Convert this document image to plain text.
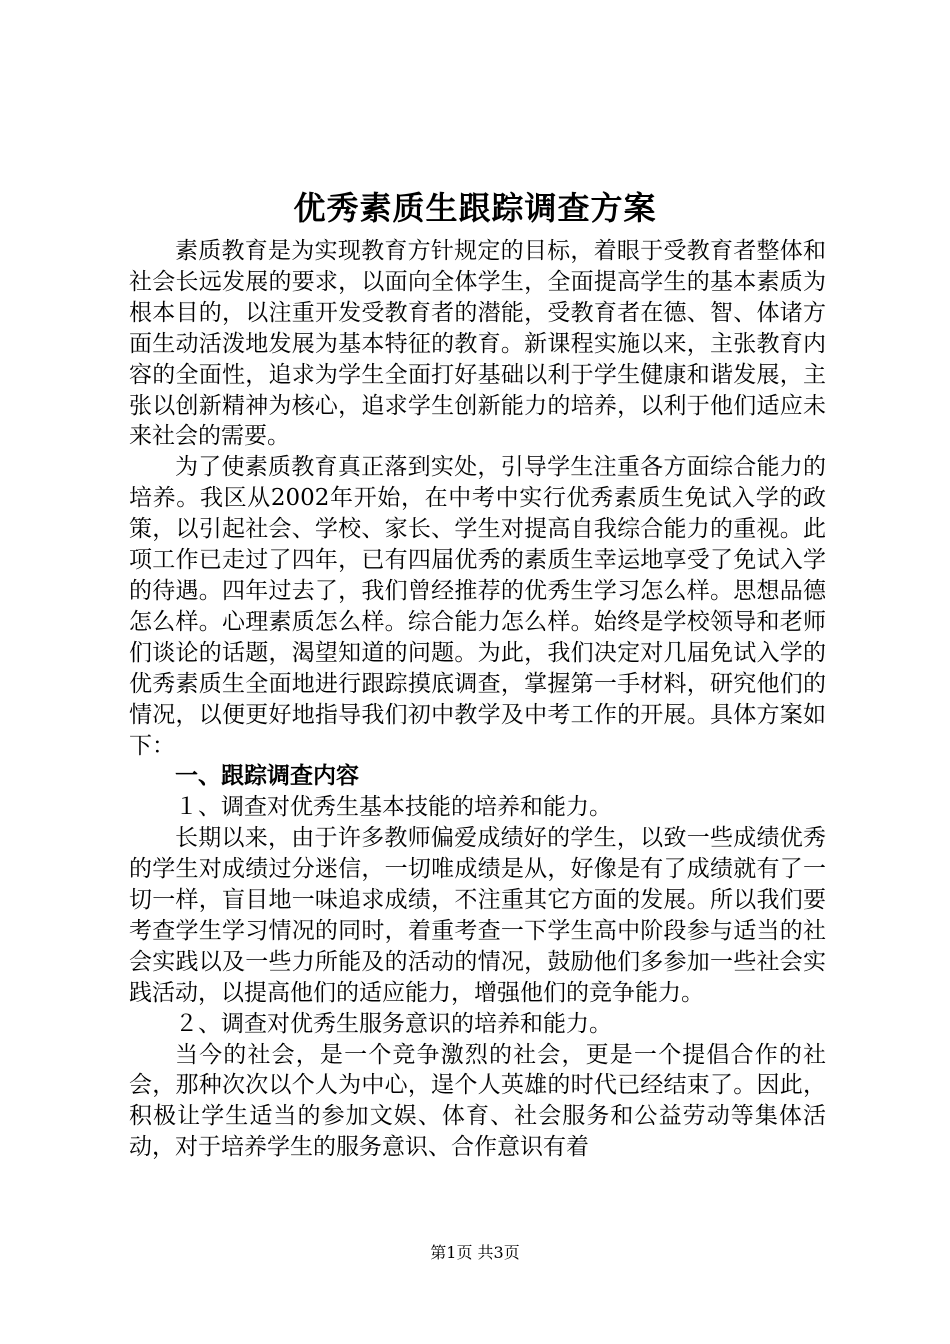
优秀素质生跟踪调查方案

素质教育是为实现教育方针规定的目标，着眼于受教育者整体和社会长远发展的要求，以面向全体学生，全面提高学生的基本素质为根本目的，以注重开发受教育者的潜能，受教育者在德、智、体诸方面生动活泼地发展为基本特征的教育。新课程实施以来，主张教育内容的全面性，追求为学生全面打好基础以利于学生健康和谐发展，主张以创新精神为核心，追求学生创新能力的培养，以利于他们适应未来社会的需要。

为了使素质教育真正落到实处，引导学生注重各方面综合能力的培养。我区从2002年开始，在中考中实行优秀素质生免试入学的政策，以引起社会、学校、家长、学生对提高自我综合能力的重视。此项工作已走过了四年，已有四届优秀的素质生幸运地享受了免试入学的待遇。四年过去了，我们曾经推荐的优秀生学习怎么样。思想品德怎么样。心理素质怎么样。综合能力怎么样。始终是学校领导和老师们谈论的话题，渴望知道的问题。为此，我们决定对几届免试入学的优秀素质生全面地进行跟踪摸底调查，掌握第一手材料，研究他们的情况，以便更好地指导我们初中教学及中考工作的开展。具体方案如下：

一、跟踪调查内容

１、调查对优秀生基本技能的培养和能力。

长期以来，由于许多教师偏爱成绩好的学生，以致一些成绩优秀的学生对成绩过分迷信，一切唯成绩是从，好像是有了成绩就有了一切一样，盲目地一味追求成绩，不注重其它方面的发展。所以我们要考查学生学习情况的同时，着重考查一下学生高中阶段参与适当的社会实践以及一些力所能及的活动的情况，鼓励他们多参加一些社会实践活动，以提高他们的适应能力，增强他们的竞争能力。

２、调查对优秀生服务意识的培养和能力。

当今的社会，是一个竞争激烈的社会，更是一个提倡合作的社会，那种次次以个人为中心，逞个人英雄的时代已经结束了。因此，积极让学生适当的参加文娱、体育、社会服务和公益劳动等集体活动，对于培养学生的服务意识、合作意识有着

第1页 共3页
